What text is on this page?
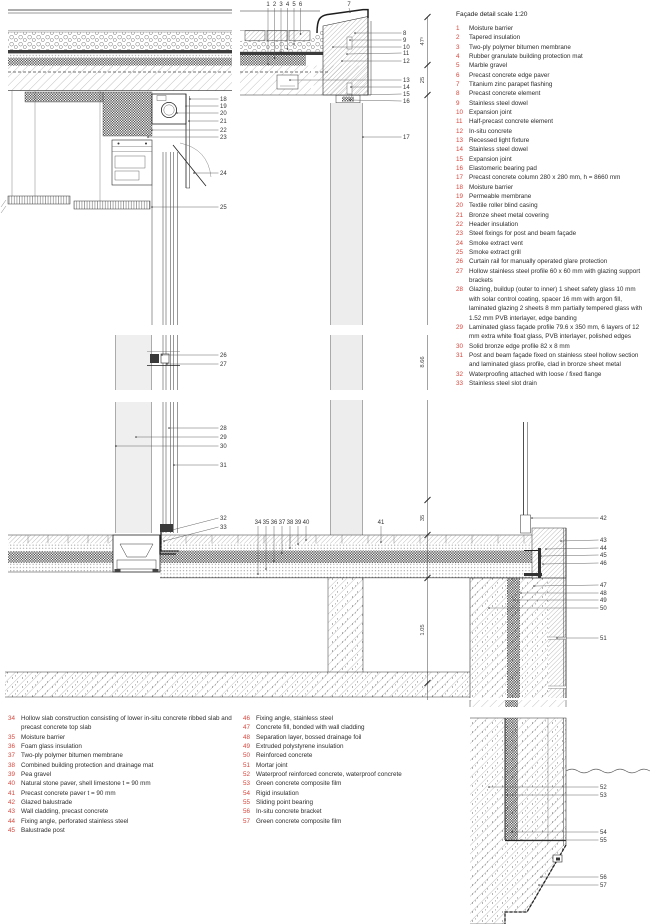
47⁵
25
8.66
35
1.05
18
19
20
21
22
23
24
25
1 2 3 4 5 6	7
8
9
10
11
12
13
14
15
16
17
26
27
28
29
30
31
32
33
34 35 36 37 38 39 40	41
42
43
44
45
46
47
48
49
50
51
52
53
54
55
56
57
Façade detail scale 1:20
1	Moisture barrier
2	Tapered insulation
3	Two-ply polymer bitumen membrane
4	Rubber granulate building protection mat
5	Marble gravel
6	Precast concrete edge paver
7	Titanium zinc parapet flashing
8	Precast concrete element
9	Stainless steel dowel
10 Expansion joint
11	Half-precast concrete element
12 In-situ concrete
13 Recessed light fixture
14 Stainless steel dowel
15 Expansion joint
16 Elastomeric bearing pad
17 Precast concrete column 280 x 280 mm, h = 8660 mm
18 Moisture barrier
19 Permeable membrane
20 Textile roller blind casing
21 Bronze sheet metal covering
22 Header insulation
23 Steel fixings for post and beam façade
24 Smoke extract vent
25 Smoke extract grill
26 Curtain rail for manually operated glare protection
27 Hollow stainless steel profile 60 x 60 mm with glazing support brackets
28 Glazing, buildup (outer to inner) 1 sheet safety glass 10 mm with solar control coating, spacer 16 mm with argon fill, laminated glazing 2 sheets 8 mm partially tempered glass with 1.52 mm PVB interlayer, edge banding
29 Laminated glass façade profile 79.6 x 350 mm, 6 layers of 12 mm extra white float glass, PVB interlayer, polished edges
30 Solid bronze edge profile 82 x 8 mm
31 Post and beam façade fixed on stainless steel hollow section and laminated glass profile, clad in bronze sheet metal
32 Waterproofing attached with loose / fixed flange
33 Stainless steel slot drain
34 Hollow slab construction consisting of lower in-situ concrete ribbed slab and precast concrete top slab
35 Moisture barrier
36 Foam glass insulation
37 Two-ply polymer bitumen membrane
38 Combined building protection and drainage mat
39 Pea gravel
40 Natural stone paver, shell limestone t = 90 mm
41 Precast concrete paver t = 90 mm
42 Glazed balustrade
43 Wall cladding, precast concrete
44 Fixing angle, perforated stainless steel
45 Balustrade post
46 Fixing angle, stainless steel
47 Concrete fill, bonded with wall cladding
48 Separation layer, bossed drainage foil
49 Extruded polystyrene insulation
50 Reinforced concrete
51 Mortar joint
52 Waterproof reinforced concrete, waterproof concrete
53 Green concrete composite film
54 Rigid insulation
55 Sliding point bearing
56 In-situ concrete bracket
57 Green concrete composite film
